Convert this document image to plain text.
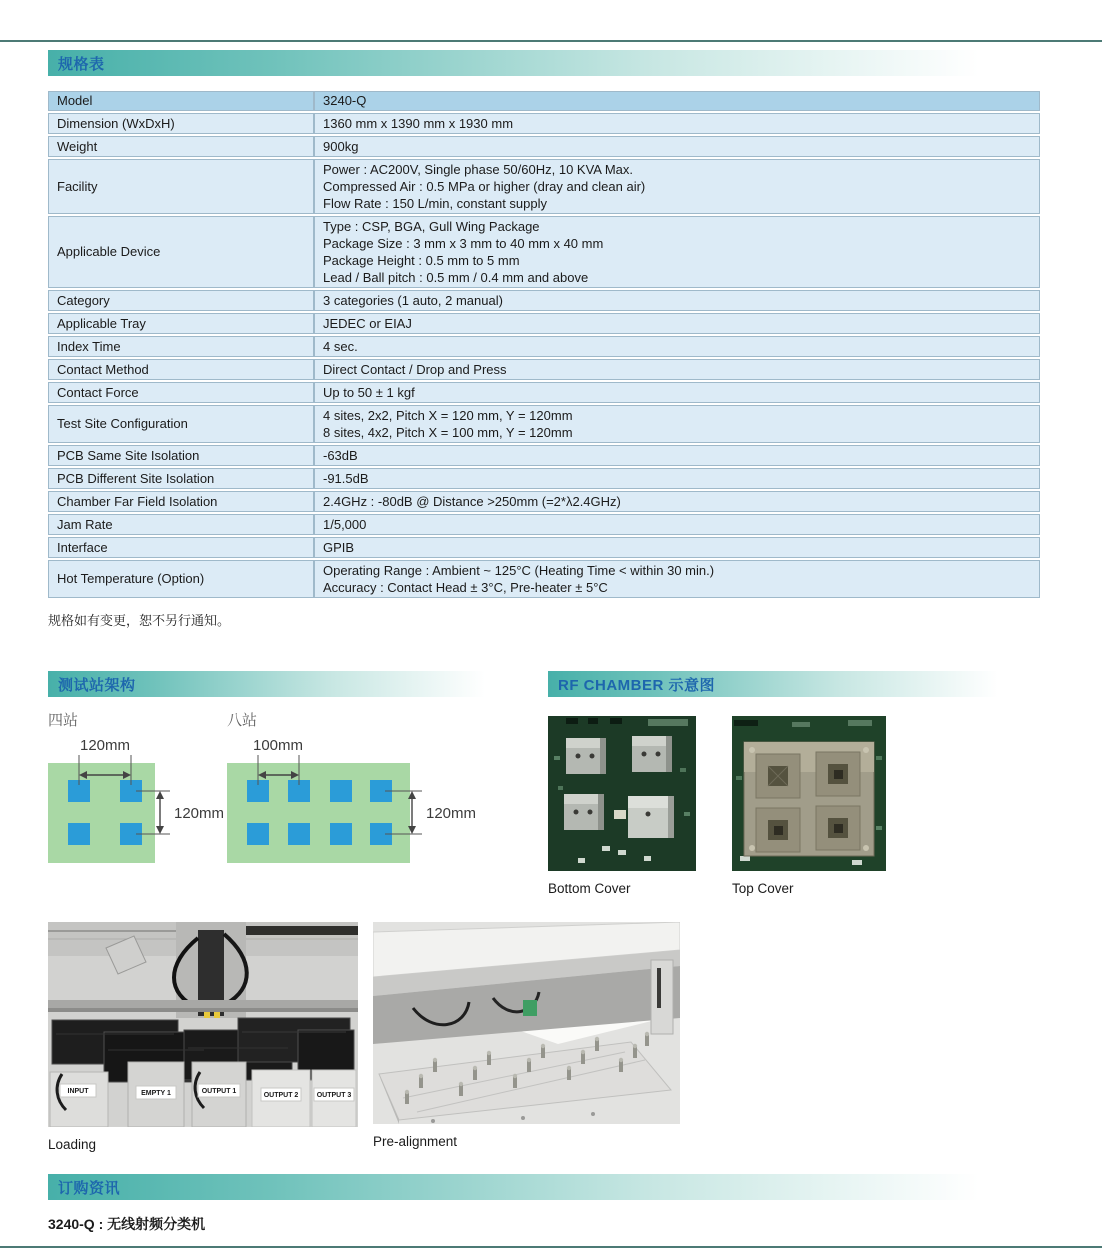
规格表
Model	3240-Q
Dimension (WxDxH)	1360 mm x 1390 mm x 1930 mm

Weight	900kg

Facility	Power : AC200V, Single phase 50/60Hz, 10 KVA Max.
Compressed Air : 0.5 MPa or higher (dray and clean air)
Flow Rate : 150 L/min, constant supply

Applicable Device	Type : CSP, BGA, Gull Wing Package
Package Size : 3 mm x 3 mm to 40 mm x 40 mm
Package Height : 0.5 mm to 5 mm
Lead / Ball pitch : 0.5 mm / 0.4 mm and above

Category	3 categories (1 auto, 2 manual)

Applicable Tray	JEDEC or EIAJ

Index Time	4 sec.

Contact Method	Direct Contact / Drop and Press

Contact Force	Up to 50 ± 1 kgf

Test Site Configuration	4 sites, 2x2, Pitch X = 120 mm, Y = 120mm
8 sites, 4x2, Pitch X = 100 mm, Y = 120mm

PCB Same Site Isolation	-63dB

PCB Different Site Isolation	-91.5dB

Chamber Far Field Isolation	2.4GHz : -80dB @ Distance >250mm (=2*λ2.4GHz)

Jam Rate	1/5,000

Interface	GPIB

Hot Temperature (Option)	Operating Range : Ambient ~ 125°C (Heating Time < within 30 min.)
Accuracy : Contact Head ± 3°C, Pre-heater ± 5°C

规格如有变更，恕不另行通知。

测试站架构
四站
120mm
120mm
八站
100mm
120mm
RF CHAMBER 示意图
Bottom Cover	Top Cover
INPUT	EMPTY 1	OUTPUT 1
OUTPUT 2	OUTPUT 3
Loading	Pre-alignment
订购资讯

3240-Q : 无线射频分类机
